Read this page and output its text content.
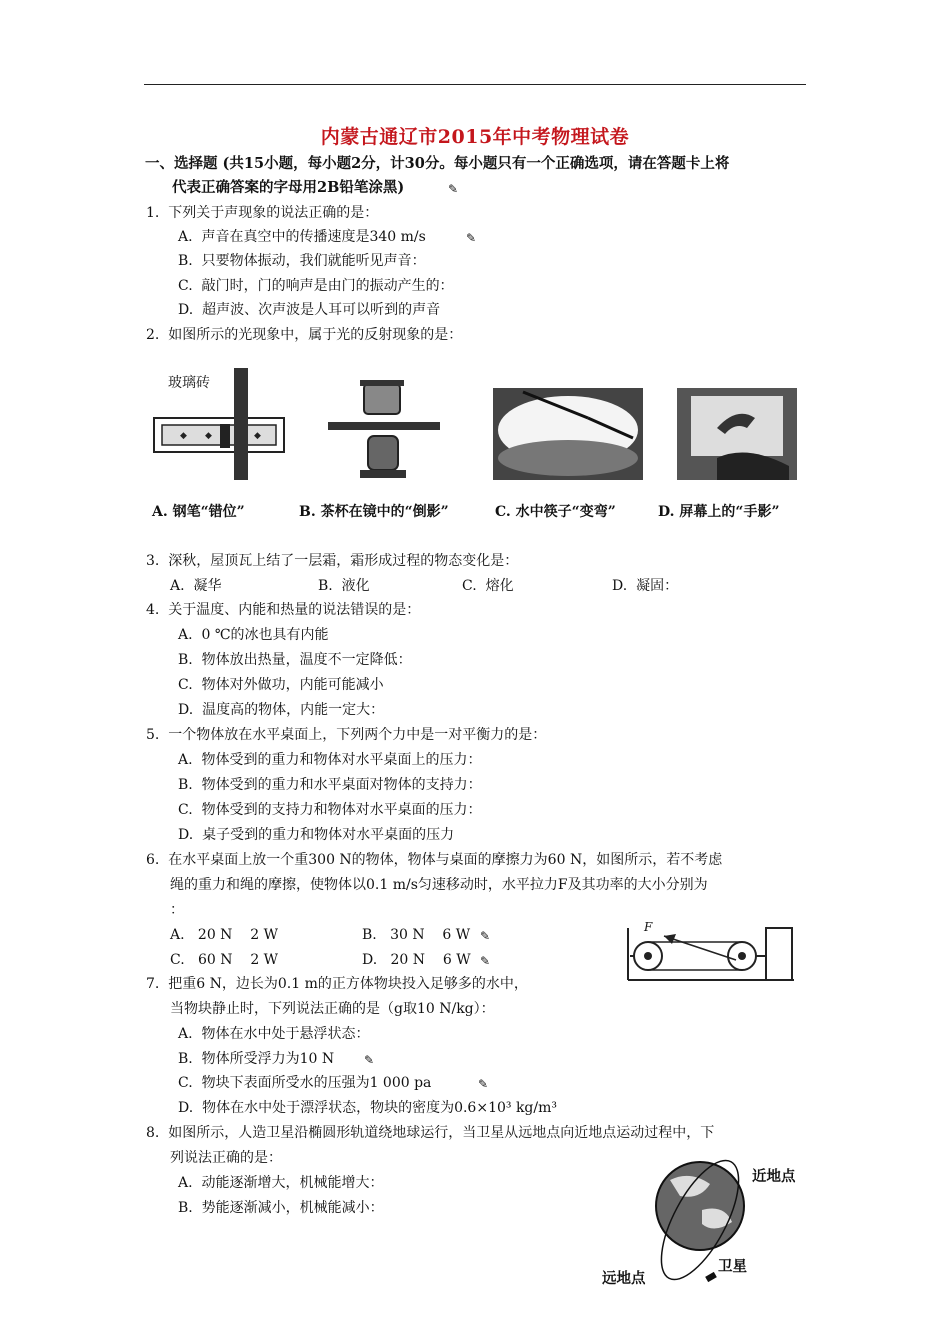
内蒙古通辽市2015年中考物理试卷
一、选择题 (共15小题，每小题2分，计30分。每小题只有一个正确选项，请在答题卡上将
代表正确答案的字母用2B铅笔涂黑)	✎
1.  下列关于声现象的说法正确的是：
A.  声音在真空中的传播速度是340 m/s	✎
B.  只要物体振动，我们就能听见声音：
C.  敲门时，门的响声是由门的振动产生的：
D.  超声波、次声波是人耳可以听到的声音
2.  如图所示的光现象中，属于光的反射现象的是：
◆ ◆	◆
玻璃砖
A. 钢笔“错位”	B. 茶杯在镜中的“倒影”	C. 水中筷子“变弯”	D. 屏幕上的“手影”
3.  深秋，屋顶瓦上结了一层霜，霜形成过程的物态变化是：
A.  凝华	B.  液化	C.  熔化	D.  凝固：
4.  关于温度、内能和热量的说法错误的是：
A.  0 ℃的冰也具有内能
B.  物体放出热量，温度不一定降低：
C.  物体对外做功，内能可能减小
D.  温度高的物体，内能一定大：
5.  一个物体放在水平桌面上，下列两个力中是一对平衡力的是：
A.  物体受到的重力和物体对水平桌面上的压力：
B.  物体受到的重力和水平桌面对物体的支持力：
C.  物体受到的支持力和物体对水平桌面的压力：
D.  桌子受到的重力和物体对水平桌面的压力
6.  在水平桌面上放一个重300 N的物体，物体与桌面的摩擦力为60 N，如图所示，若不考虑
绳的重力和绳的摩擦，使物体以0.1 m/s匀速移动时，水平拉力F及其功率的大小分别为
：
A.   20 N    2 W	B.   30 N    6 W ✎
C.   60 N    2 W	D.   20 N    6 W ✎
F
7.  把重6 N，边长为0.1 m的正方体物块投入足够多的水中，
当物块静止时，下列说法正确的是（g取10 N/kg）：
A.  物体在水中处于悬浮状态：
B.  物体所受浮力为10 N ✎
C.  物块下表面所受水的压强为1 000 pa	✎
D.  物体在水中处于漂浮状态，物块的密度为0.6×10³ kg/m³
8.  如图所示，人造卫星沿椭圆形轨道绕地球运行，当卫星从远地点向近地点运动过程中，下
列说法正确的是：
A.  动能逐渐增大，机械能增大：
B.  势能逐渐减小，机械能减小：
近地点
远地点
卫星
